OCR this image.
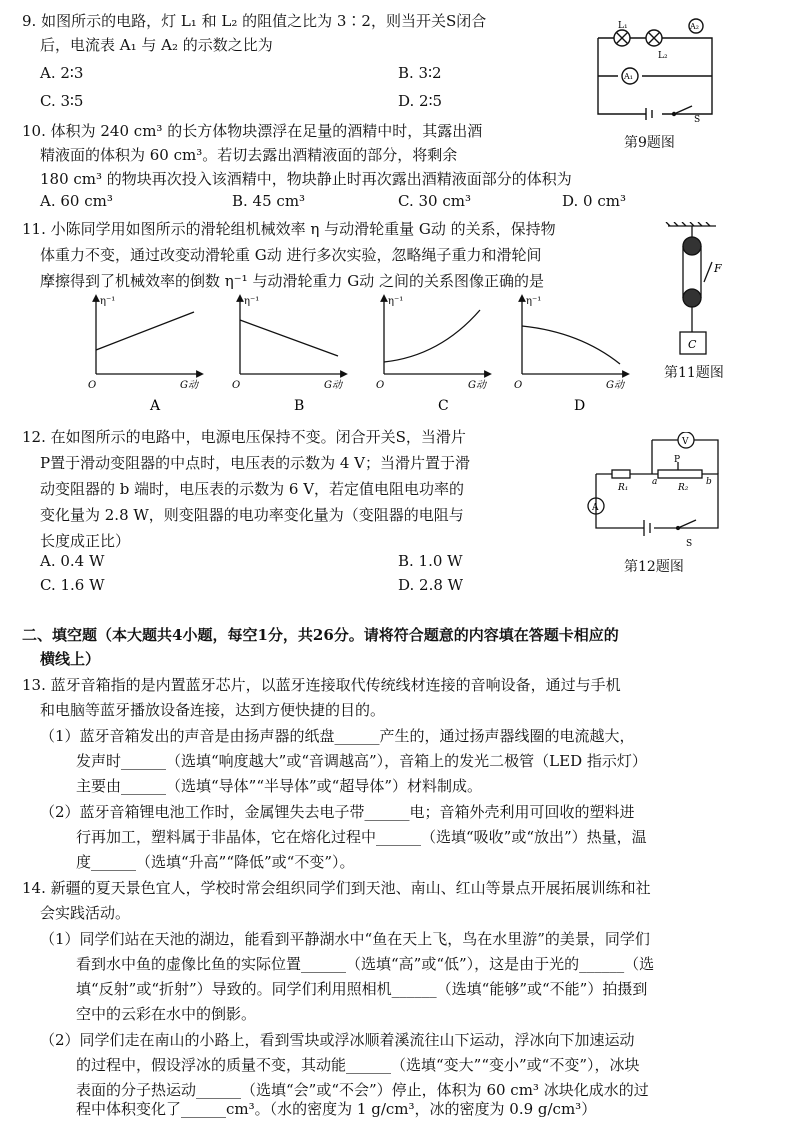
9. 如图所示的电路，灯 L₁ 和 L₂ 的阻值之比为 3∶2，则当开关S闭合
后，电流表 A₁ 与 A₂ 的示数之比为
A. 2∶3	B. 3∶2
C. 3∶5	D. 2∶5
L₁
L₂
A₂
A₁
S
第9题图
10. 体积为 240 cm³ 的长方体物块漂浮在足量的酒精中时，其露出酒
精液面的体积为 60 cm³。若切去露出酒精液面的部分，将剩余
180 cm³ 的物块再次投入该酒精中，物块静止时再次露出酒精液面部分的体积为
A. 60 cm³	B. 45 cm³	C. 30 cm³	D. 0 cm³
11. 小陈同学用如图所示的滑轮组机械效率 η 与动滑轮重量 G动 的关系，保持物
体重力不变，通过改变动滑轮重 G动 进行多次实验，忽略绳子重力和滑轮间
摩擦得到了机械效率的倒数 η⁻¹ 与动滑轮重力 G动 之间的关系图像正确的是
η⁻¹	η⁻¹	η⁻¹	η⁻¹
O	O	O	O
G动	G动	G动	G动
A	B	C	D
F
C
第11题图
12. 在如图所示的电路中，电源电压保持不变。闭合开关S，当滑片
P置于滑动变阻器的中点时，电压表的示数为 4 V；当滑片置于滑
动变阻器的 b 端时，电压表的示数为 6 V，若定值电阻电功率的
变化量为 2.8 W，则变阻器的电功率变化量为（变阻器的电阻与
长度成正比）
A. 0.4 W	B. 1.0 W
C. 1.6 W	D. 2.8 W
V
A
R₁	R₂
P
a	b
S
第12题图
二、填空题（本大题共4小题，每空1分，共26分。请将符合题意的内容填在答题卡相应的
横线上）
13. 蓝牙音箱指的是内置蓝牙芯片，以蓝牙连接取代传统线材连接的音响设备，通过与手机
和电脑等蓝牙播放设备连接，达到方便快捷的目的。
（1）蓝牙音箱发出的声音是由扬声器的纸盘______产生的，通过扬声器线圈的电流越大，
发声时______（选填“响度越大”或“音调越高”），音箱上的发光二极管（LED 指示灯）
主要由______（选填“导体”“半导体”或“超导体”）材料制成。
（2）蓝牙音箱锂电池工作时，金属锂失去电子带______电；音箱外壳利用可回收的塑料进
行再加工，塑料属于非晶体，它在熔化过程中______（选填“吸收”或“放出”）热量，温
度______（选填“升高”“降低”或“不变”）。
14. 新疆的夏天景色宜人，学校时常会组织同学们到天池、南山、红山等景点开展拓展训练和社
会实践活动。
（1）同学们站在天池的湖边，能看到平静湖水中“鱼在天上飞，鸟在水里游”的美景，同学们
看到水中鱼的虚像比鱼的实际位置______（选填“高”或“低”），这是由于光的______（选
填“反射”或“折射”）导致的。同学们利用照相机______（选填“能够”或“不能”）拍摄到
空中的云彩在水中的倒影。
（2）同学们走在南山的小路上，看到雪块或浮冰顺着溪流往山下运动，浮冰向下加速运动
的过程中，假设浮冰的质量不变，其动能______（选填“变大”“变小”或“不变”），冰块
表面的分子热运动______（选填“会”或“不会”）停止，体积为 60 cm³ 冰块化成水的过
程中体积变化了______cm³。（水的密度为 1 g/cm³，冰的密度为 0.9 g/cm³）
